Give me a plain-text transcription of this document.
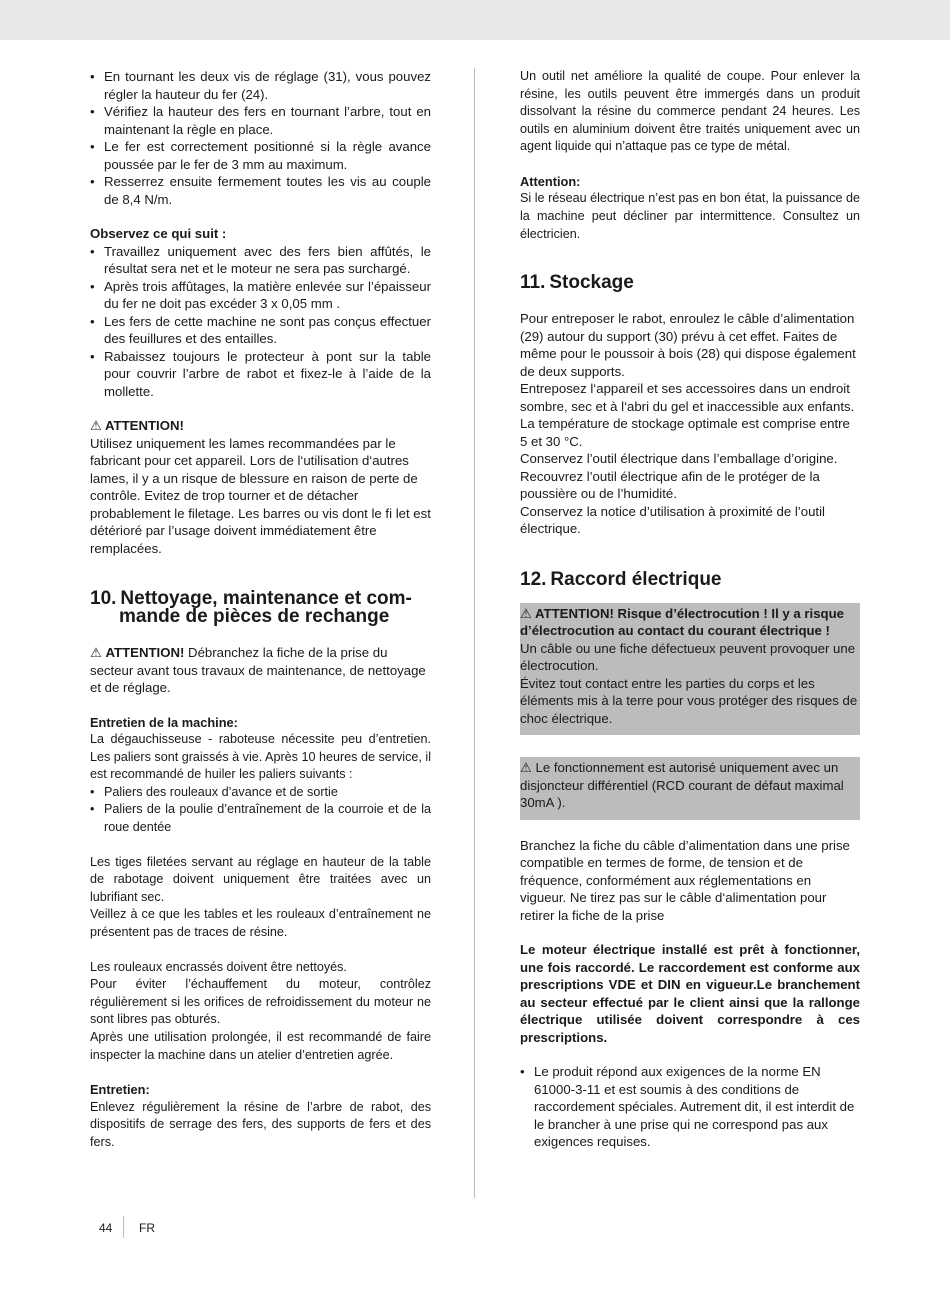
• En tournant les deux vis de réglage (31), vous pouvez régler la hauteur du fer (24).
• Vérifiez la hauteur des fers en tournant l’arbre, tout en maintenant la règle en place.
• Le fer est correctement positionné si la règle avance poussée par le fer de 3 mm au maximum.
• Resserrez ensuite fermement toutes les vis au couple de 8,4 N/m.
Observez ce qui suit :
• Travaillez uniquement avec des fers bien affûtés, le résultat sera net et le moteur ne sera pas surchargé.
• Après trois affûtages, la matière enlevée sur l’épaisseur du fer ne doit pas excéder 3 x 0,05 mm .
• Les fers de cette machine ne sont pas conçus effectuer des feuillures et des entailles.
• Rabaissez toujours le protecteur à pont sur la table pour couvrir l’arbre de rabot et fixez-le à l’aide de la mollette.
⚠ ATTENTION!

Utilisez uniquement les lames recommandées par le fabricant pour cet appareil. Lors de l‘utilisation d‘autres lames, il y a un risque de blessure en raison de perte de contrôle. Evitez de trop tourner et de détacher probablement le filetage. Les barres ou vis dont le fi let est détérioré par l’usage doivent immédiatement être remplacées.

10. Nettoyage, maintenance et com-
mande de pièces de rechange

⚠ ATTENTION! Débranchez la fiche de la prise du secteur avant tous travaux de maintenance, de nettoyage et de réglage.

Entretien de la machine:

La dégauchisseuse - raboteuse nécessite peu d’entretien. Les paliers sont graissés à vie. Après 10 heures de service, il est recommandé de huiler les paliers suivants :

• Paliers des rouleaux d’avance et de sortie
• Paliers de la poulie d’entraînement de la courroie et de la roue dentée

Les tiges filetées servant au réglage en hauteur de la table de rabotage doivent uniquement être traitées avec un lubrifiant sec.

Veillez à ce que les tables et les rouleaux d’entraînement ne présentent pas de traces de résine.

Les rouleaux encrassés doivent être nettoyés.

Pour éviter l’échauffement du moteur, contrôlez régulièrement si les orifices de refroidissement du moteur ne sont libres pas obturés.

Après une utilisation prolongée, il est recommandé de faire inspecter la machine dans un atelier d’entretien agrée.

Entretien:

Enlevez régulièrement la résine de l’arbre de rabot, des dispositifs de serrage des fers, des supports de fers et des fers.

Un outil net améliore la qualité de coupe. Pour enlever la résine, les outils peuvent être immergés dans un produit dissolvant la résine du commerce pendant 24 heures. Les outils en aluminium doivent être traités uniquement avec un agent liquide qui n’attaque pas ce type de métal.

Attention:

Si le réseau électrique n’est pas en bon état, la puissance de la machine peut décliner par intermittence. Consultez un électricien.

11. Stockage

Pour entreposer le rabot, enroulez le câble d’alimentation (29) autour du support (30) prévu à cet effet. Faites de même pour le poussoir à bois (28) qui dispose également de deux supports.

Entreposez l‘appareil et ses accessoires dans un endroit sombre, sec et à l‘abri du gel et inaccessible aux enfants. La température de stockage optimale est comprise entre 5 et 30 °C.

Conservez l’outil électrique dans l’emballage d’origine.

Recouvrez l’outil électrique afin de le protéger de la poussière ou de l’humidité.

Conservez la notice d’utilisation à proximité de l’outil électrique.

12. Raccord électrique

⚠ ATTENTION! Risque d’électrocution ! Il y a risque d’électrocution au contact du courant électrique !

Un câble ou une fiche défectueux peuvent provoquer une électrocution.

Évitez tout contact entre les parties du corps et les éléments mis à la terre pour vous protéger des risques de choc électrique.

⚠ Le fonctionnement est autorisé uniquement avec un disjoncteur différentiel (RCD courant de défaut maximal 30mA ).

Branchez la fiche du câble d’alimentation dans une prise compatible en termes de forme, de tension et de fréquence, conformément aux réglementations en vigueur. Ne tirez pas sur le câble d‘alimentation pour retirer la fiche de la prise

Le moteur électrique installé est prêt à fonctionner, une fois raccordé. Le raccordement est conforme aux prescriptions VDE et DIN en vigueur.Le branchement au secteur effectué par le client ainsi que la rallonge électrique utilisée doivent correspondre à ces prescriptions.

• Le produit répond aux exigences de la norme EN 61000-3-11 et est soumis à des conditions de raccordement spéciales. Autrement dit, il est interdit de le brancher à une prise qui ne correspond pas aux exigences requises.
44 FR
